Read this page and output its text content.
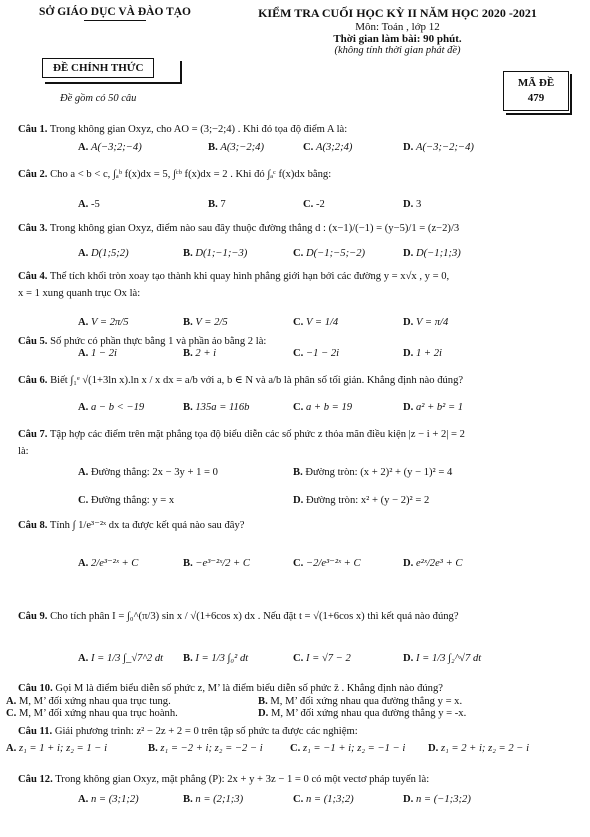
SỞ GIÁO DỤC VÀ ĐÀO TẠO
ĐỀ CHÍNH THỨC
Đề gồm có 50 câu
KIỂM TRA CUỐI HỌC KỲ II NĂM HỌC 2020 -2021
Môn: Toán , lớp 12
Thời gian làm bài: 90 phút.
(không tính thời gian phát đề)
MÃ ĐỀ
479
Câu 1. Trong không gian Oxyz, cho AO = (3;−2;4) . Khi đó tọa độ điểm A là:
A. A(−3;2;−4)	B. A(3;−2;4)	C. A(3;2;4)	D. A(−3;−2;−4)
Câu 2. Cho a < b < c, ∫ₐᵇ f(x)dx = 5, ∫ᶜᵇ f(x)dx = 2 . Khi đó ∫ₐᶜ f(x)dx bằng:
A. -5	B. 7	C. -2	D. 3
Câu 3. Trong không gian Oxyz, điểm nào sau đây thuộc đường thẳng d : (x−1)/(−1) = (y−5)/1 = (z−2)/3
A. D(1;5;2)	B. D(1;−1;−3)	C. D(−1;−5;−2)	D. D(−1;1;3)
Câu 4. Thể tích khối tròn xoay tạo thành khi quay hình phẳng giới hạn bởi các đường y = x√x , y = 0,
x = 1 xung quanh trục Ox là:
A. V = 2π/5	B. V = 2/5	C. V = 1/4	D. V = π/4
Câu 5. Số phức có phần thực bằng 1 và phần ảo bằng 2 là:
A. 1 − 2i	B. 2 + i	C. −1 − 2i	D. 1 + 2i
Câu 6. Biết ∫₁ᵉ √(1+3ln x).ln x / x dx = a/b với a, b ∈ N và a/b là phân số tối giản. Khẳng định nào đúng?
A. a − b < −19	B. 135a = 116b	C. a + b = 19	D. a² + b² = 1
Câu 7. Tập hợp các điểm trên mặt phẳng tọa độ biểu diễn các số phức z thỏa mãn điều kiện |z − i + 2| = 2
là:
A. Đường thẳng: 2x − 3y + 1 = 0	B. Đường tròn: (x + 2)² + (y − 1)² = 4
C. Đường thẳng: y = x	D. Đường tròn: x² + (y − 2)² = 2
Câu 8. Tính ∫ 1/e³⁻²ˣ dx ta được kết quả nào sau đây?
A. 2/e³⁻²ˣ + C	B. −e³⁻²ˣ/2 + C	C. −2/e³⁻²ˣ + C	D. e²ˣ/2e³ + C
Câu 9. Cho tích phân I = ∫₀^(π/3) sin x / √(1+6cos x) dx . Nếu đặt t = √(1+6cos x) thì kết quả nào đúng?
A. I = 1/3 ∫_√7^2 dt B. I = 1/3 ∫₀² dt	C. I = √7 − 2	D. I = 1/3 ∫₂^√7 dt
Câu 10. Gọi M là điểm biểu diễn số phức z, M’ là điểm biểu diễn số phức z̄ . Khẳng định nào đúng?
A. M, M’ đối xứng nhau qua trục tung.	B. M, M’ đối xứng nhau qua đường thẳng y = x.
C. M, M’ đối xứng nhau qua trục hoành.	D. M, M’ đối xứng nhau qua đường thẳng y = -x.
Câu 11. Giải phương trình: z² − 2z + 2 = 0 trên tập số phức ta được các nghiệm:
A. z₁ = 1 + i; z₂ = 1 − i	B. z₁ = −2 + i; z₂ = −2 − i	C. z₁ = −1 + i; z₂ = −1 − i D. z₁ = 2 + i; z₂ = 2 − i
Câu 12. Trong không gian Oxyz, mặt phẳng (P): 2x + y + 3z − 1 = 0 có một vectơ pháp tuyến là:
A. n = (3;1;2)	B. n = (2;1;3)	C. n = (1;3;2)	D. n = (−1;3;2)
